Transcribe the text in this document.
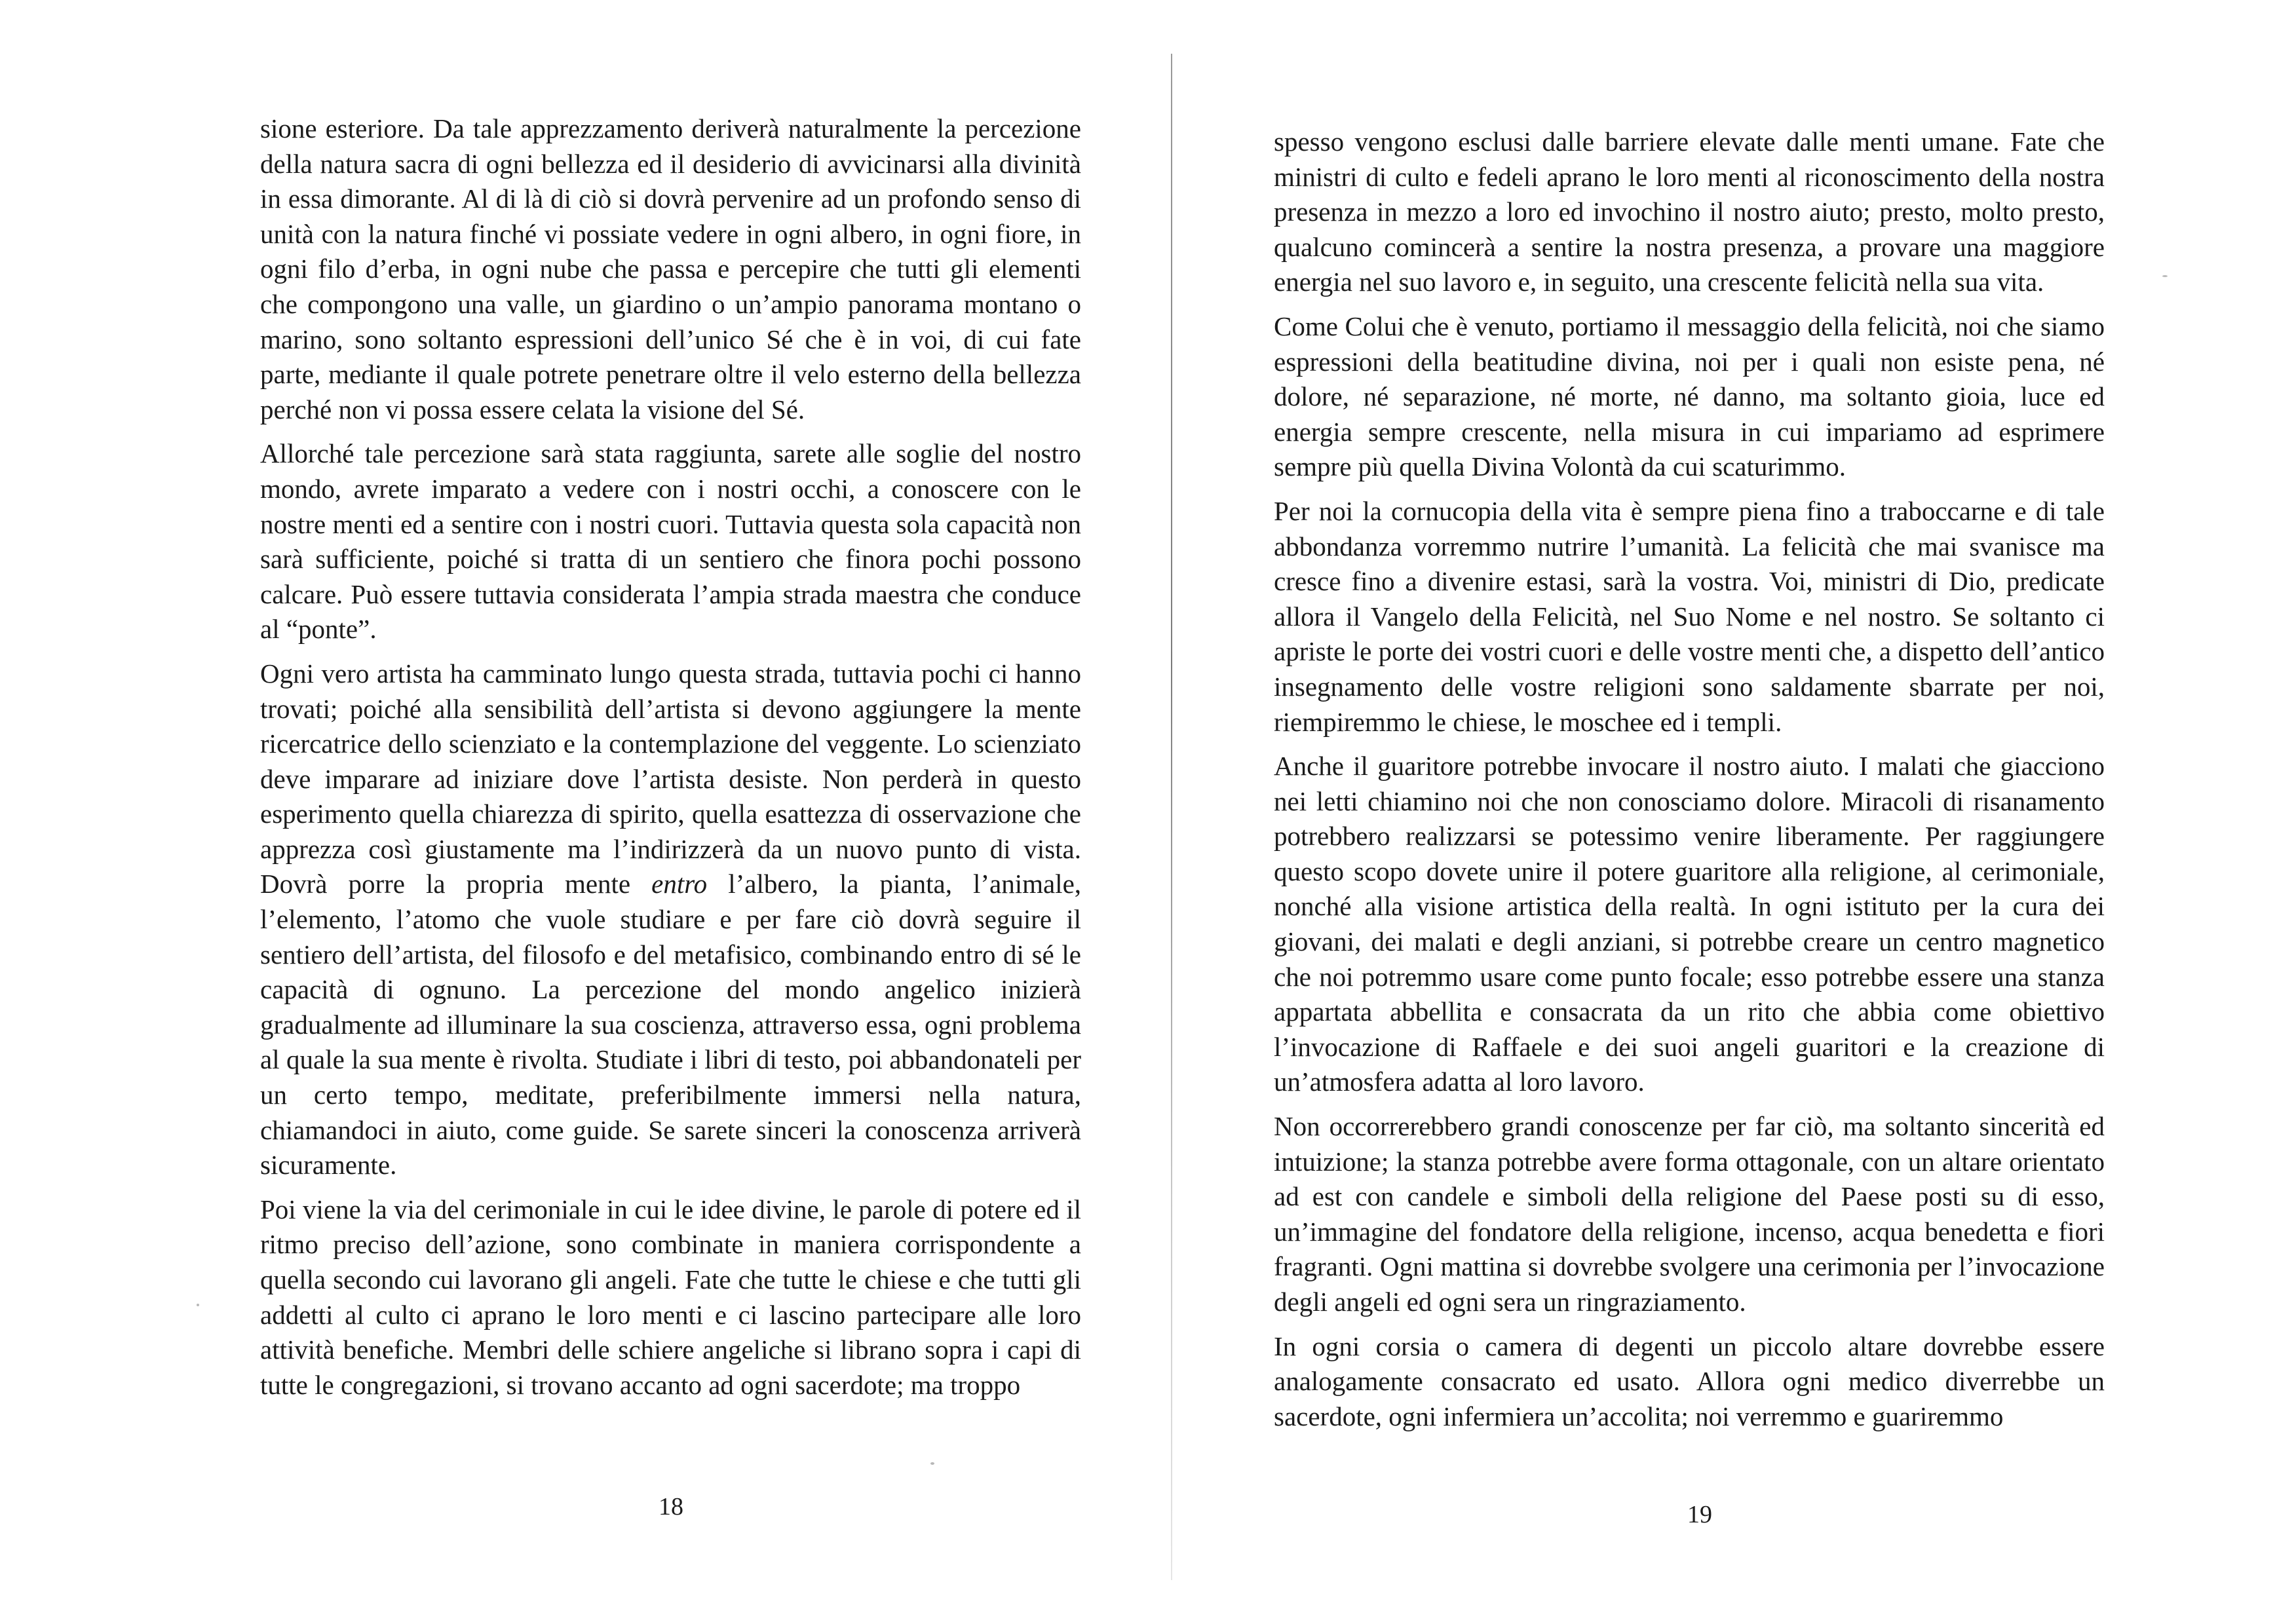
sione esteriore. Da tale apprezzamento deriverà naturalmente la percezione della natura sacra di ogni bellezza ed il desiderio di avvicinarsi alla divinità in essa dimorante. Al di là di ciò si dovrà pervenire ad un profondo senso di unità con la natura finché vi possiate vedere in ogni albero, in ogni fiore, in ogni filo d’erba, in ogni nube che passa e percepire che tutti gli elementi che compongono una valle, un giardino o un’ampio panorama montano o marino, sono soltanto espressioni dell’unico Sé che è in voi, di cui fate parte, mediante il quale potrete penetrare oltre il velo esterno della bellezza perché non vi possa essere celata la visione del Sé.

Allorché tale percezione sarà stata raggiunta, sarete alle soglie del nostro mondo, avrete imparato a vedere con i nostri occhi, a conoscere con le nostre menti ed a sentire con i nostri cuori. Tuttavia questa sola capacità non sarà sufficiente, poiché si tratta di un sentiero che finora pochi possono calcare. Può essere tuttavia considerata l’ampia strada maestra che conduce al “ponte”.

Ogni vero artista ha camminato lungo questa strada, tuttavia pochi ci hanno trovati; poiché alla sensibilità dell’artista si devono aggiungere la mente ricercatrice dello scienziato e la contemplazione del veggente. Lo scienziato deve imparare ad iniziare dove l’artista desiste. Non perderà in questo esperimento quella chiarezza di spirito, quella esattezza di osservazione che apprezza così giustamente ma l’indirizzerà da un nuovo punto di vista. Dovrà porre la propria mente entro l’albero, la pianta, l’animale, l’elemento, l’atomo che vuole studiare e per fare ciò dovrà seguire il sentiero dell’artista, del filosofo e del metafisico, combinando entro di sé le capacità di ognuno. La percezione del mondo angelico inizierà gradualmente ad illuminare la sua coscienza, attraverso essa, ogni problema al quale la sua mente è rivolta. Studiate i libri di testo, poi abbandonateli per un certo tempo, meditate, preferibilmente immersi nella natura, chiamandoci in aiuto, come guide. Se sarete sinceri la conoscenza arriverà sicuramente.

Poi viene la via del cerimoniale in cui le idee divine, le parole di potere ed il ritmo preciso dell’azione, sono combinate in maniera corrispondente a quella secondo cui lavorano gli angeli. Fate che tutte le chiese e che tutti gli addetti al culto ci aprano le loro menti e ci lascino partecipare alle loro attività benefiche. Membri delle schiere angeliche si librano sopra i capi di tutte le congregazioni, si trovano accanto ad ogni sacerdote; ma troppo

18

spesso vengono esclusi dalle barriere elevate dalle menti umane. Fate che ministri di culto e fedeli aprano le loro menti al riconoscimento della nostra presenza in mezzo a loro ed invochino il nostro aiuto; presto, molto presto, qualcuno comincerà a sentire la nostra presenza, a provare una maggiore energia nel suo lavoro e, in seguito, una crescente felicità nella sua vita.

Come Colui che è venuto, portiamo il messaggio della felicità, noi che siamo espressioni della beatitudine divina, noi per i quali non esiste pena, né dolore, né separazione, né morte, né danno, ma soltanto gioia, luce ed energia sempre crescente, nella misura in cui impariamo ad esprimere sempre più quella Divina Volontà da cui scaturimmo.

Per noi la cornucopia della vita è sempre piena fino a traboccarne e di tale abbondanza vorremmo nutrire l’umanità. La felicità che mai svanisce ma cresce fino a divenire estasi, sarà la vostra. Voi, ministri di Dio, predicate allora il Vangelo della Felicità, nel Suo Nome e nel nostro. Se soltanto ci apriste le porte dei vostri cuori e delle vostre menti che, a dispetto dell’antico insegnamento delle vostre religioni sono saldamente sbarrate per noi, riempiremmo le chiese, le moschee ed i templi.

Anche il guaritore potrebbe invocare il nostro aiuto. I malati che giacciono nei letti chiamino noi che non conosciamo dolore. Miracoli di risanamento potrebbero realizzarsi se potessimo venire liberamente. Per raggiungere questo scopo dovete unire il potere guaritore alla religione, al cerimoniale, nonché alla visione artistica della realtà. In ogni istituto per la cura dei giovani, dei malati e degli anziani, si potrebbe creare un centro magnetico che noi potremmo usare come punto focale; esso potrebbe essere una stanza appartata abbellita e consacrata da un rito che abbia come obiettivo l’invocazione di Raffaele e dei suoi angeli guaritori e la creazione di un’atmosfera adatta al loro lavoro.

Non occorrerebbero grandi conoscenze per far ciò, ma soltanto sincerità ed intuizione; la stanza potrebbe avere forma ottagonale, con un altare orientato ad est con candele e simboli della religione del Paese posti su di esso, un’immagine del fondatore della religione, incenso, acqua benedetta e fiori fragranti. Ogni mattina si dovrebbe svolgere una cerimonia per l’invocazione degli angeli ed ogni sera un ringraziamento.

In ogni corsia o camera di degenti un piccolo altare dovrebbe essere analogamente consacrato ed usato. Allora ogni medico diverrebbe un sacerdote, ogni infermiera un’accolita; noi verremmo e guariremmo

19
